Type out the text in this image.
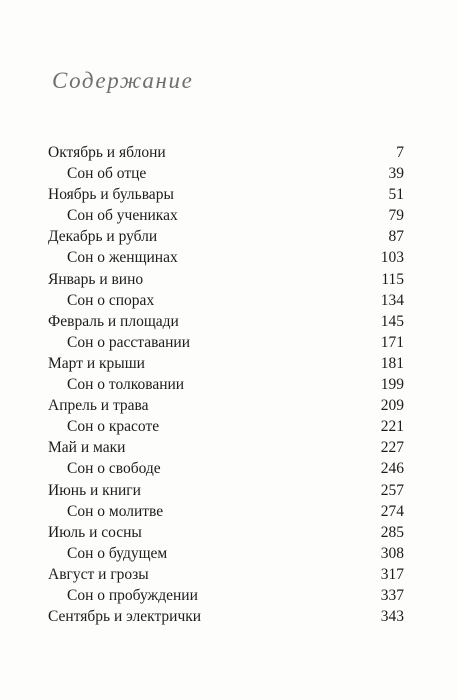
Содержание
Октябрь и яблони	7
Сон об отце	39
Ноябрь и бульвары	51
Сон об учениках	79
Декабрь и рубли	87
Сон о женщинах	103
Январь и вино	115
Сон о спорах	134
Февраль и площади	145
Сон о расставании	171
Март и крыши	181
Сон о толковании	199
Апрель и трава	209
Сон о красоте	221
Май и маки	227
Сон о свободе	246
Июнь и книги	257
Сон о молитве	274
Июль и сосны	285
Сон о будущем	308
Август и грозы	317
Сон о пробуждении	337
Сентябрь и электрички	343
